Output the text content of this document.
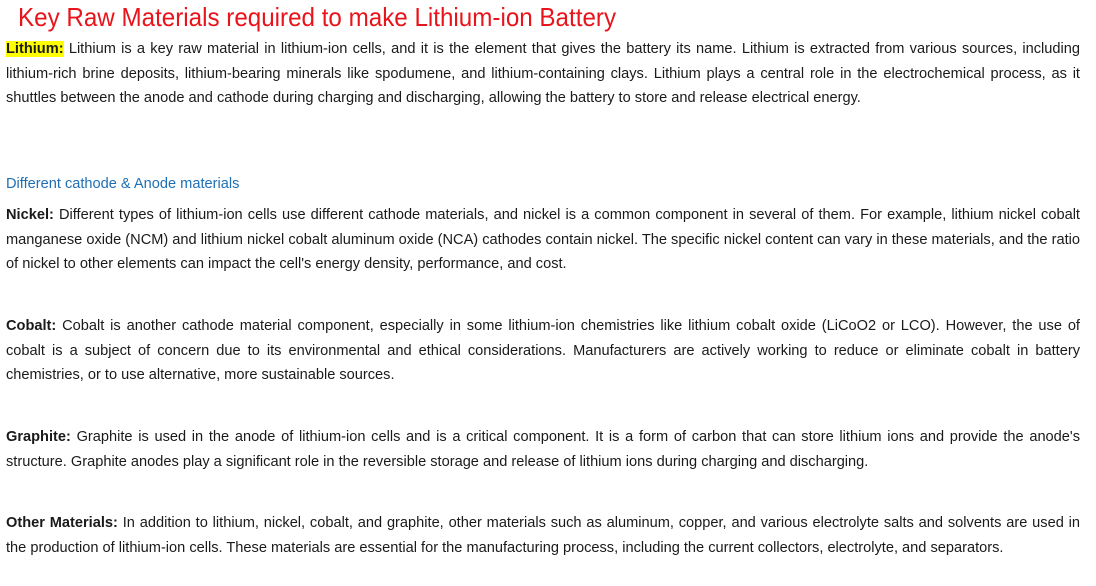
Key Raw Materials required to make Lithium-ion Battery

Lithium: Lithium is a key raw material in lithium-ion cells, and it is the element that gives the battery its name. Lithium is extracted from various sources, including lithium-rich brine deposits, lithium-bearing minerals like spodumene, and lithium-containing clays. Lithium plays a central role in the electrochemical process, as it shuttles between the anode and cathode during charging and discharging, allowing the battery to store and release electrical energy.

Different cathode & Anode materials

Nickel: Different types of lithium-ion cells use different cathode materials, and nickel is a common component in several of them. For example, lithium nickel cobalt manganese oxide (NCM) and lithium nickel cobalt aluminum oxide (NCA) cathodes contain nickel. The specific nickel content can vary in these materials, and the ratio of nickel to other elements can impact the cell's energy density, performance, and cost.

Cobalt: Cobalt is another cathode material component, especially in some lithium-ion chemistries like lithium cobalt oxide (LiCoO2 or LCO). However, the use of cobalt is a subject of concern due to its environmental and ethical considerations. Manufacturers are actively working to reduce or eliminate cobalt in battery chemistries, or to use alternative, more sustainable sources.

Graphite: Graphite is used in the anode of lithium-ion cells and is a critical component. It is a form of carbon that can store lithium ions and provide the anode's structure. Graphite anodes play a significant role in the reversible storage and release of lithium ions during charging and discharging.

Other Materials: In addition to lithium, nickel, cobalt, and graphite, other materials such as aluminum, copper, and various electrolyte salts and solvents are used in the production of lithium-ion cells. These materials are essential for the manufacturing process, including the current collectors, electrolyte, and separators.
